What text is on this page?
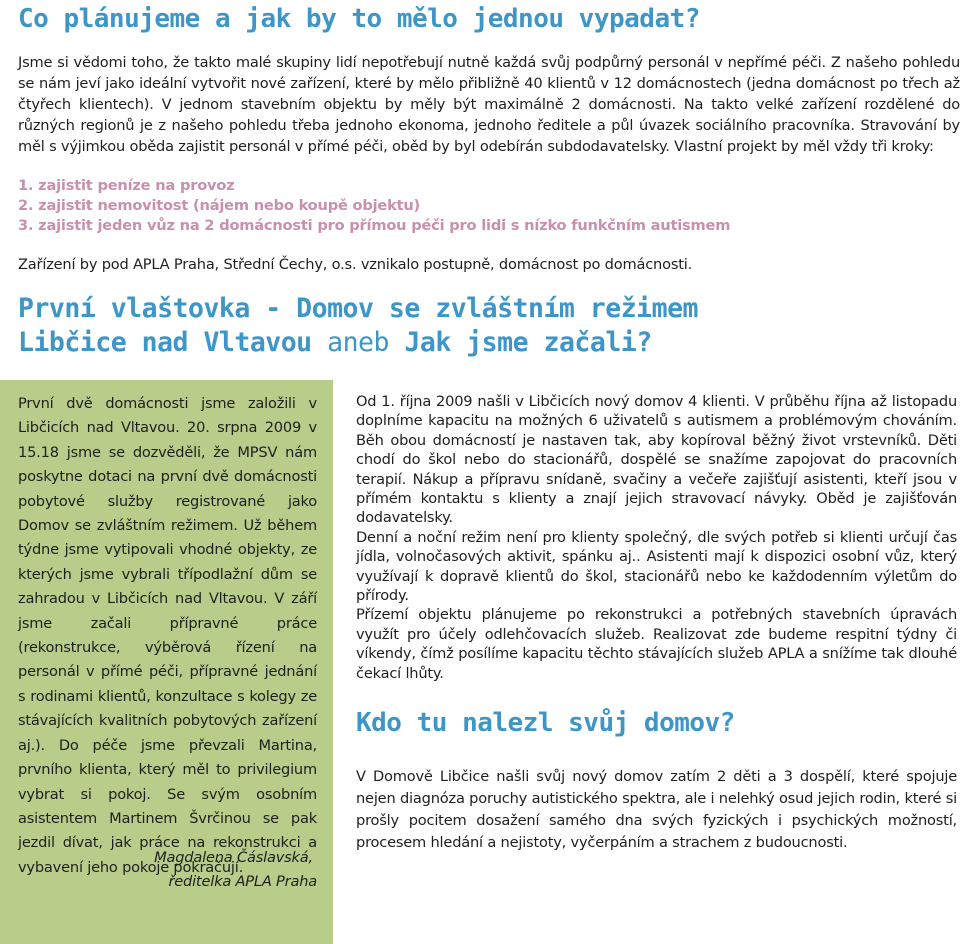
Co plánujeme a jak by to mělo jednou vypadat?

Jsme si vědomi toho, že takto malé skupiny lidí nepotřebují nutně každá svůj podpůrný personál v nepřímé péči. Z našeho pohledu se nám jeví jako ideální vytvořit nové zařízení, které by mělo přibližně 40 klientů v 12 domácnostech (jedna domácnost po třech až čtyřech klientech). V jednom stavebním objektu by měly být maximálně 2 domácnosti. Na takto velké zařízení rozdělené do různých regionů je z našeho pohledu třeba jednoho ekonoma, jednoho ředitele a půl úvazek sociálního pracovníka. Stravování by měl s výjimkou oběda zajistit personál v přímé péči, oběd by byl odebírán subdodavatelsky. Vlastní projekt by měl vždy tři kroky:

1. zajistit peníze na provoz
2. zajistit nemovitost (nájem nebo koupě objektu)
3. zajistit jeden vůz na 2 domácnosti pro přímou péči pro lidi s nízko funkčním autismem

Zařízení by pod APLA Praha, Střední Čechy, o.s. vznikalo postupně, domácnost po domácnosti.

První vlaštovka - Domov se zvláštním režimem
Libčice nad Vltavou aneb Jak jsme začali?

První dvě domácnosti jsme založili v Libčicích nad Vltavou. 20. srpna 2009 v 15.18 jsme se dozvěděli, že MPSV nám poskytne dotaci na první dvě domácnosti pobytové služby registrované jako Domov se zvláštním režimem. Už během týdne jsme vytipovali vhodné objekty, ze kterých jsme vybrali třípodlažní dům se zahradou v Libčicích nad Vltavou. V září jsme začali přípravné práce (rekonstrukce, výběrová řízení na personál v přímé péči, přípravné jednání s rodinami klientů, konzultace s kolegy ze stávajících kvalitních pobytových zařízení aj.). Do péče jsme převzali Martina, prvního klienta, který měl to privilegium vybrat si pokoj. Se svým osobním asistentem Martinem Švrčinou se pak jezdil dívat, jak práce na rekonstrukci a vybavení jeho pokoje pokračují.

Magdalena Čáslavská,
ředitelka APLA Praha

Od 1. října 2009 našli v Libčicích nový domov 4 klienti. V průběhu října až listopadu doplníme kapacitu na možných 6 uživatelů s autismem a problémovým chováním. Běh obou domácností je nastaven tak, aby kopíroval běžný život vrstevníků. Děti chodí do škol nebo do stacionářů, dospělé se snažíme zapojovat do pracovních terapií. Nákup a přípravu snídaně, svačiny a večeře zajišťují asistenti, kteří jsou v přímém kontaktu s klienty a znají jejich stravovací návyky. Oběd je zajišťován dodavatelsky.

Denní a noční režim není pro klienty společný, dle svých potřeb si klienti určují čas jídla, volnočasových aktivit, spánku aj.. Asistenti mají k dispozici osobní vůz, který využívají k dopravě klientů do škol, stacionářů nebo ke každodenním výletům do přírody.

Přízemí objektu plánujeme po rekonstrukci a potřebných stavebních úpravách využít pro účely odlehčovacích služeb. Realizovat zde budeme respitní týdny či víkendy, čímž posílíme kapacitu těchto stávajících služeb APLA a snížíme tak dlouhé čekací lhůty.

Kdo tu nalezl svůj domov?

V Domově Libčice našli svůj nový domov zatím 2 děti a 3 dospělí, které spojuje nejen diagnóza poruchy autistického spektra, ale i nelehký osud jejich rodin, které si prošly pocitem dosažení samého dna svých fyzických i psychických možností, procesem hledání a nejistoty, vyčerpáním a strachem z budoucnosti.
